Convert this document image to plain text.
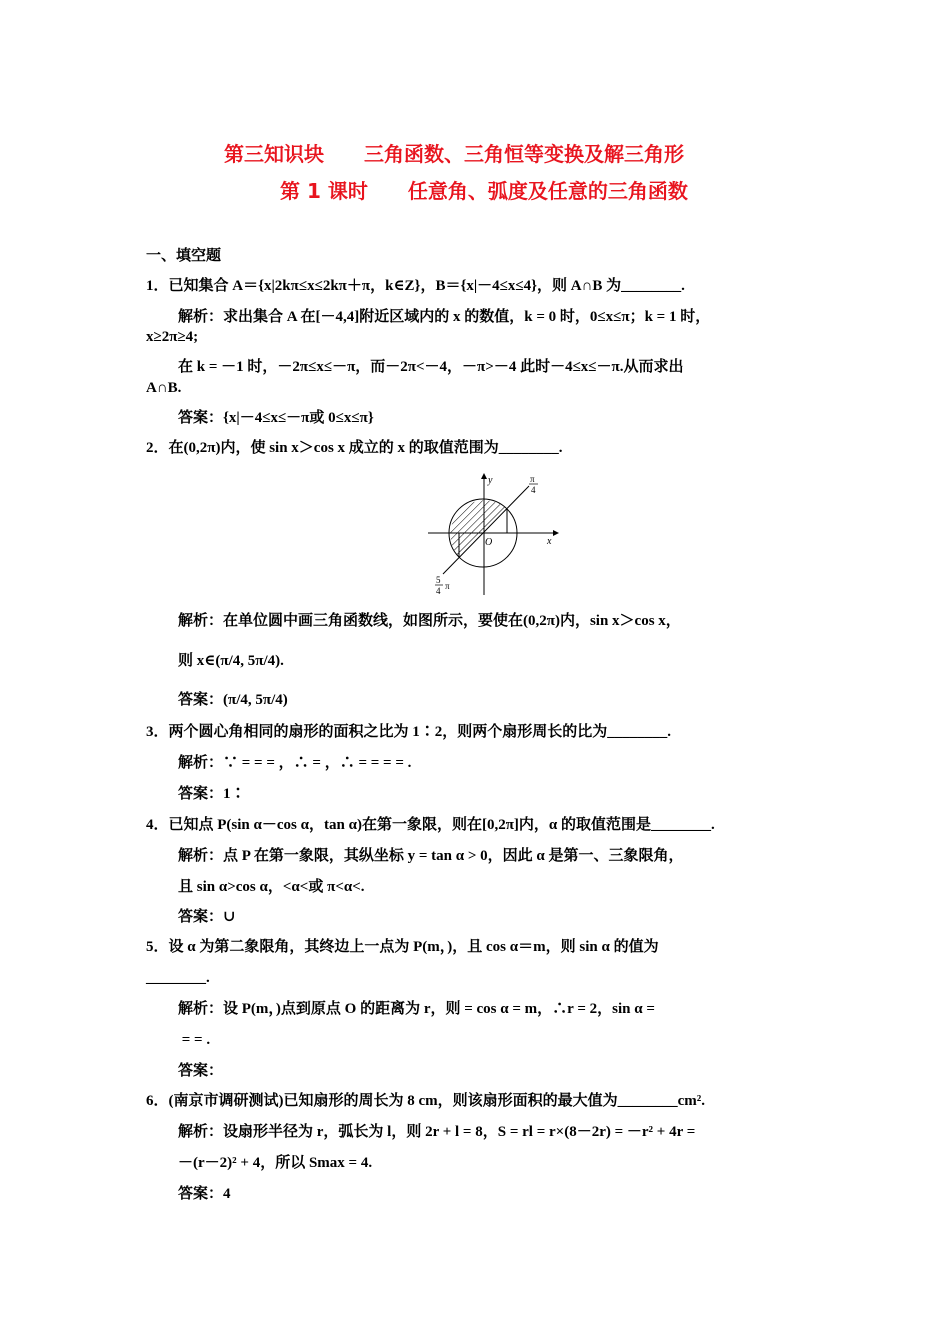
第三知识块　　三角函数、三角恒等变换及解三角形
第 1 课时　　任意角、弧度及任意的三角函数
一、填空题
1．已知集合 A＝{x|2kπ≤x≤2kπ＋π，k∈Z}，B＝{x|－4≤x≤4}，则 A∩B 为________.
解析：求出集合 A 在[－4,4]附近区域内的 x 的数值，k = 0 时，0≤x≤π；k = 1 时，
x≥2π≥4;
在 k = －1 时，－2π≤x≤－π，而－2π<－4，－π>－4 此时－4≤x≤－π.从而求出
A∩B.
答案：{x|－4≤x≤－π或 0≤x≤π}
2．在(0,2π)内，使 sin x＞cos x 成立的 x 的取值范围为________.
y
x
O
π
4
5
4 π
解析：在单位圆中画三角函数线，如图所示，要使在(0,2π)内，sin x＞cos x，
则 x∈(π/4, 5π/4).
答案：(π/4, 5π/4)
3．两个圆心角相同的扇形的面积之比为 1∶2，则两个扇形周长的比为________.
解析：∵ = = = ，∴ = ，∴ = = = = .
答案：1∶
4．已知点 P(sin α－cos α，tan α)在第一象限，则在[0,2π]内，α 的取值范围是________.
解析：点 P 在第一象限，其纵坐标 y = tan α > 0，因此 α 是第一、三象限角，
且 sin α>cos α，<α<或 π<α<.
答案：∪
5．设 α 为第二象限角，其终边上一点为 P(m，)，且 cos α＝m，则 sin α 的值为
________.
解析：设 P(m，)点到原点 O 的距离为 r，则 = cos α = m，∴r = 2，sin α =
= = .
答案：
6．(南京市调研测试)已知扇形的周长为 8 cm，则该扇形面积的最大值为________cm².
解析：设扇形半径为 r，弧长为 l，则 2r + l = 8，S = rl = r×(8－2r) = －r² + 4r =
－(r－2)² + 4，所以 Smax = 4.
答案：4
